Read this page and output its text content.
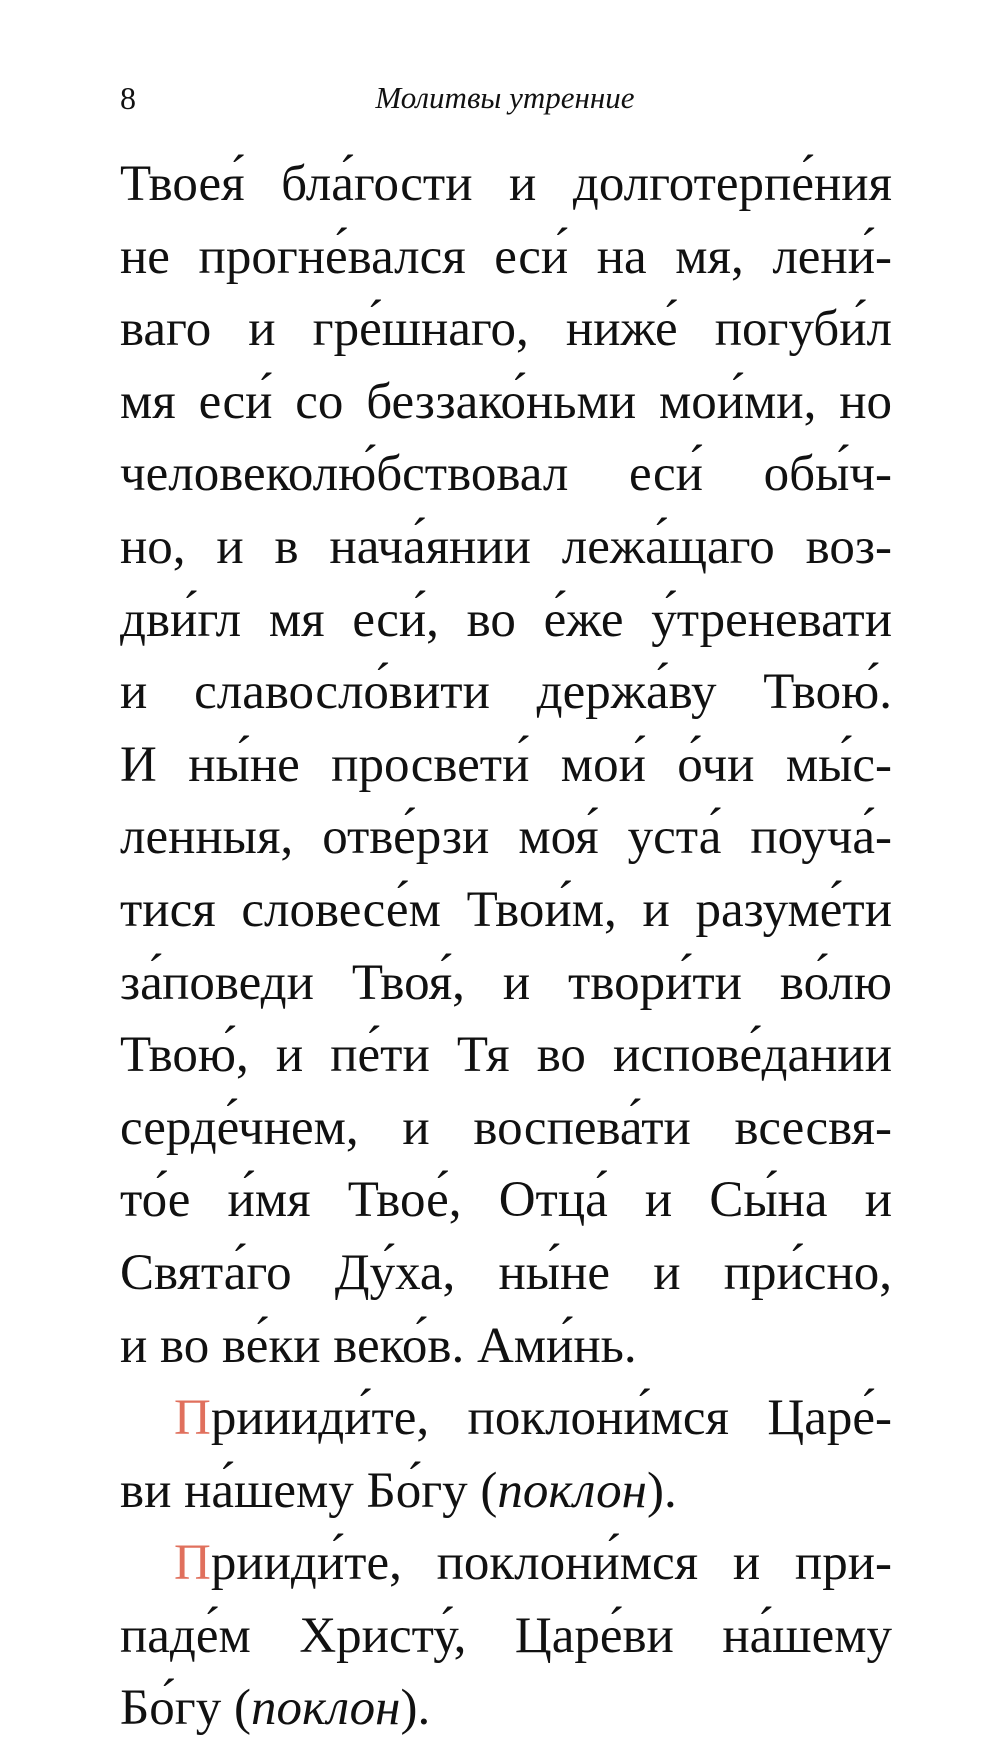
8	Молитвы утренние
Твоея́ бла́гости и долготерпе́ния
не прогне́вался еси́ на мя, лени́-
ваго и гре́шнаго, ниже́ погуби́л
мя еси́ со беззако́ньми мои́ми, но
человеколю́бствовал еси́ обы́ч-
но, и в нача́янии лежа́щаго воз-
дви́гл мя еси́, во е́же у́треневати
и славосло́вити держа́ву Твою́.
И ны́не просвети́ мои́ о́чи мы́с-
ленныя, отве́рзи моя́ уста́ поуча́-
тися словесе́м Твои́м, и разуме́ти
за́поведи Твоя́, и твори́ти во́лю
Твою́, и пе́ти Тя во испове́дании
серде́чнем, и воспева́ти всесвя-
то́е и́мя Твое́, Отца́ и Сы́на и
Свята́го Ду́ха, ны́не и при́сно,
и во ве́ки веко́в. Ами́нь.
Приииди́те, поклони́мся Царе́-
ви на́шему Бо́гу (поклон).
Прииди́те, поклони́мся и при-
паде́м Христу́, Царе́ви на́шему
Бо́гу (поклон).
